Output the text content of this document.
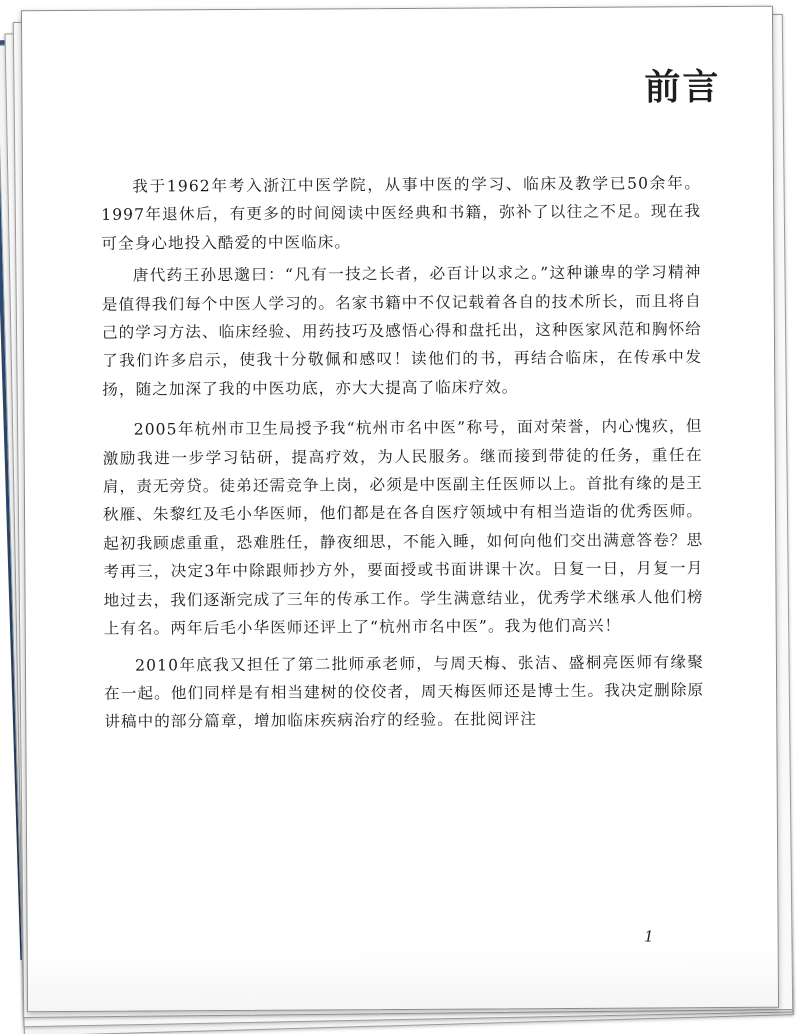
前言

我于1962年考入浙江中医学院，从事中医的学习、临床及教学已50余年。1997年退休后，有更多的时间阅读中医经典和书籍，弥补了以往之不足。现在我可全身心地投入酷爱的中医临床。

唐代药王孙思邈曰：“凡有一技之长者，必百计以求之。”这种谦卑的学习精神是值得我们每个中医人学习的。名家书籍中不仅记载着各自的技术所长，而且将自己的学习方法、临床经验、用药技巧及感悟心得和盘托出，这种医家风范和胸怀给了我们许多启示，使我十分敬佩和感叹！读他们的书，再结合临床，在传承中发扬，随之加深了我的中医功底，亦大大提高了临床疗效。

2005年杭州市卫生局授予我“杭州市名中医”称号，面对荣誉，内心愧疚，但激励我进一步学习钻研，提高疗效，为人民服务。继而接到带徒的任务，重任在肩，责无旁贷。徒弟还需竞争上岗，必须是中医副主任医师以上。首批有缘的是王秋雁、朱黎红及毛小华医师，他们都是在各自医疗领域中有相当造诣的优秀医师。起初我顾虑重重，恐难胜任，静夜细思，不能入睡，如何向他们交出满意答卷？思考再三，决定3年中除跟师抄方外，要面授或书面讲课十次。日复一日，月复一月地过去，我们逐渐完成了三年的传承工作。学生满意结业，优秀学术继承人他们榜上有名。两年后毛小华医师还评上了“杭州市名中医”。我为他们高兴！

2010年底我又担任了第二批师承老师，与周天梅、张洁、盛桐亮医师有缘聚在一起。他们同样是有相当建树的佼佼者，周天梅医师还是博士生。我决定删除原讲稿中的部分篇章，增加临床疾病治疗的经验。在批阅评注

1
